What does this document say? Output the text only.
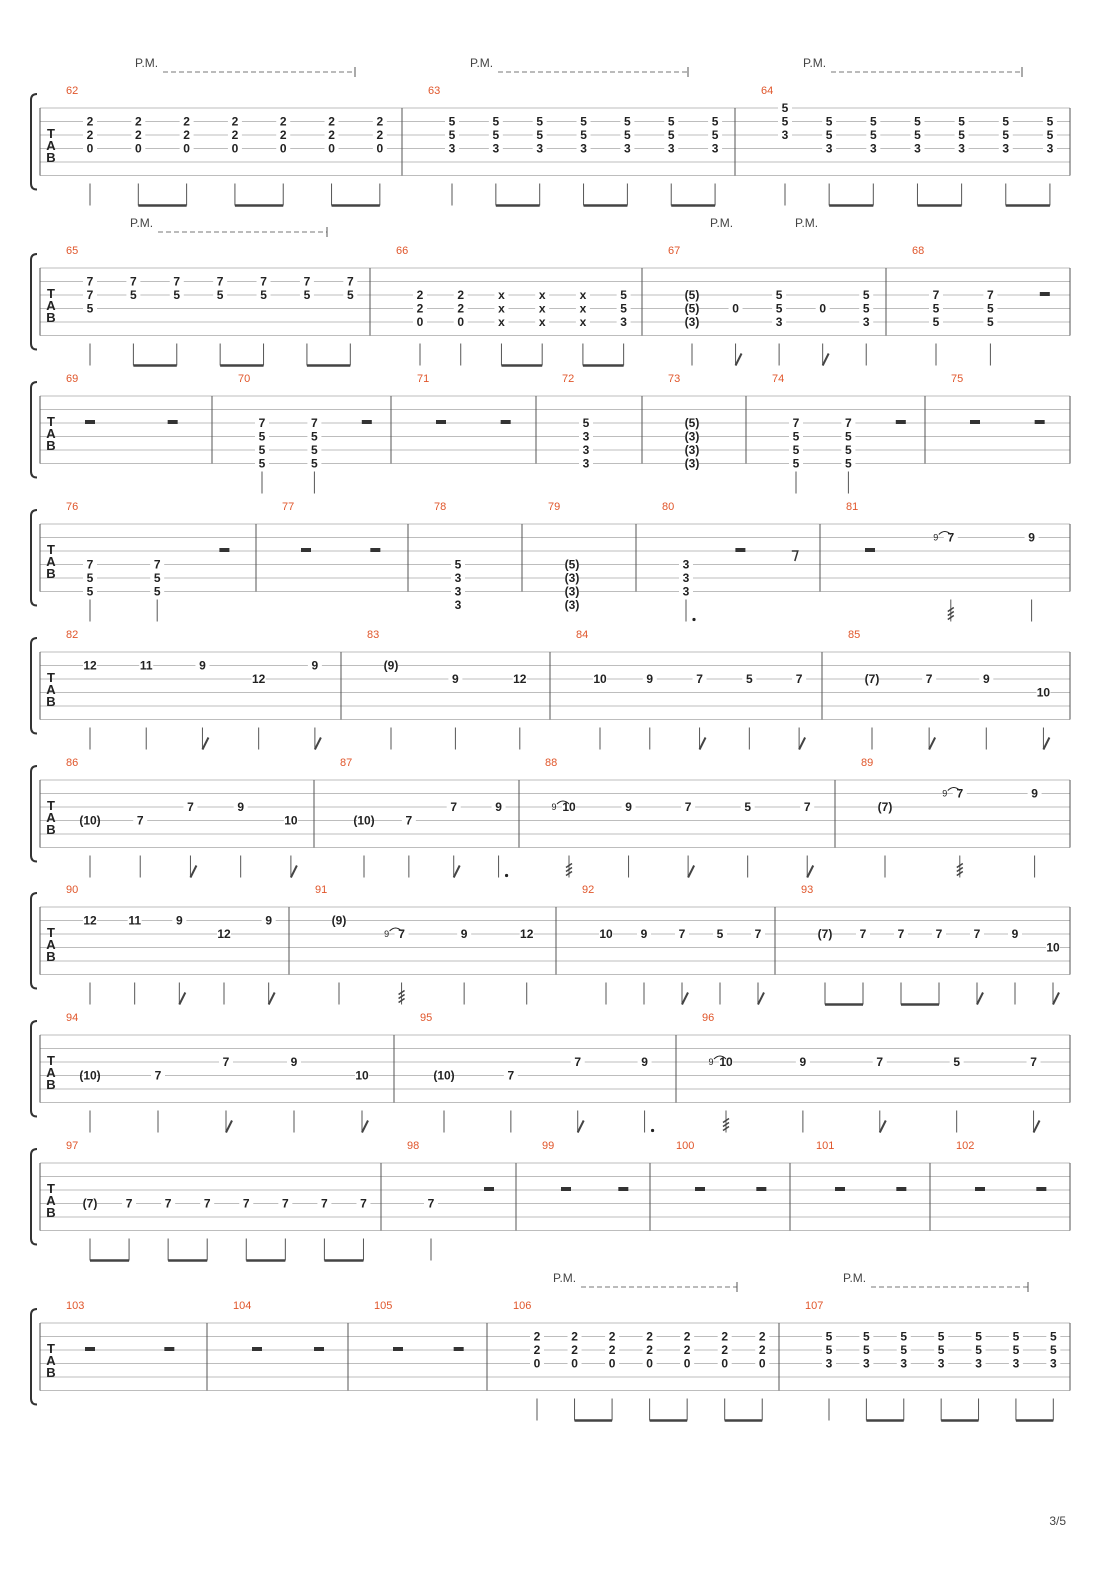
T
A
B
P.M.	P.M.	P.M.
62
2
2
0
2
2
0
2
2
0
2
2
0
2
2
0
2
2
0
2
2
0
63
5
5
3
5
5
3
5
5
3
5
5
3
5
5
3
5
5
3
5
5
3
64
5
5
3
5
5
3
5
5
3
5
5
3
5
5
3
5
5
3
5
5
3
T
A
B
P.M.	P.M.	P.M.
65
7
7
5
7
5
7
5
7
5
7
5
7
5
7
5
66
2
2
0
2
2
0
x
x
x
x
x
x
x
x
x
5
5
3
67
(5)
(5)
(3)
0
5
5
3
0
5
5
3
68
7
5
5
7
5
5
T
A
B
69	70
7
5
5
5
7
5
5
5
71	72
5
3
3
3
73
(5)
(3)
(3)
(3)
74
7
5
5
5
7
5
5
5
75
T
A
B
76
7
5
5
7
5
5
77	78
5
3
3
3
79
(5)
(3)
(3)
(3)
80
3
3
3
81
7
9	9
T
A
B
82
12	11	9
12
9
83
(9)
9	12
84
10	9	7	5	7
85
(7)	7	9
10
T
A
B
86
(10)	7
7	9
10
87
(10)	7
7	9
88
10
9	9	7	5	7
89
(7)
7
9	9
T
A
B
90
12	11	9
12
9
91
(9)
7
9	9	12
92
10 9	7	5	7
93
(7) 7	7	7	7	9
10
T
A
B
94
(10)	7
7	9
10
95
(10)	7
7	9
96
10
9	9	7	5	7
T
A
B
97
(7) 7	7	7	7	7	7	7
98
7
99	100	101	102
T
A
B
P.M.	P.M.
103	104	105	106
2
2
0
2
2
0
2
2
0
2
2
0
2
2
0
2
2
0
2
2
0
107
5
5
3
5
5
3
5
5
3
5
5
3
5
5
3
5
5
3
5
5
3
3/5
